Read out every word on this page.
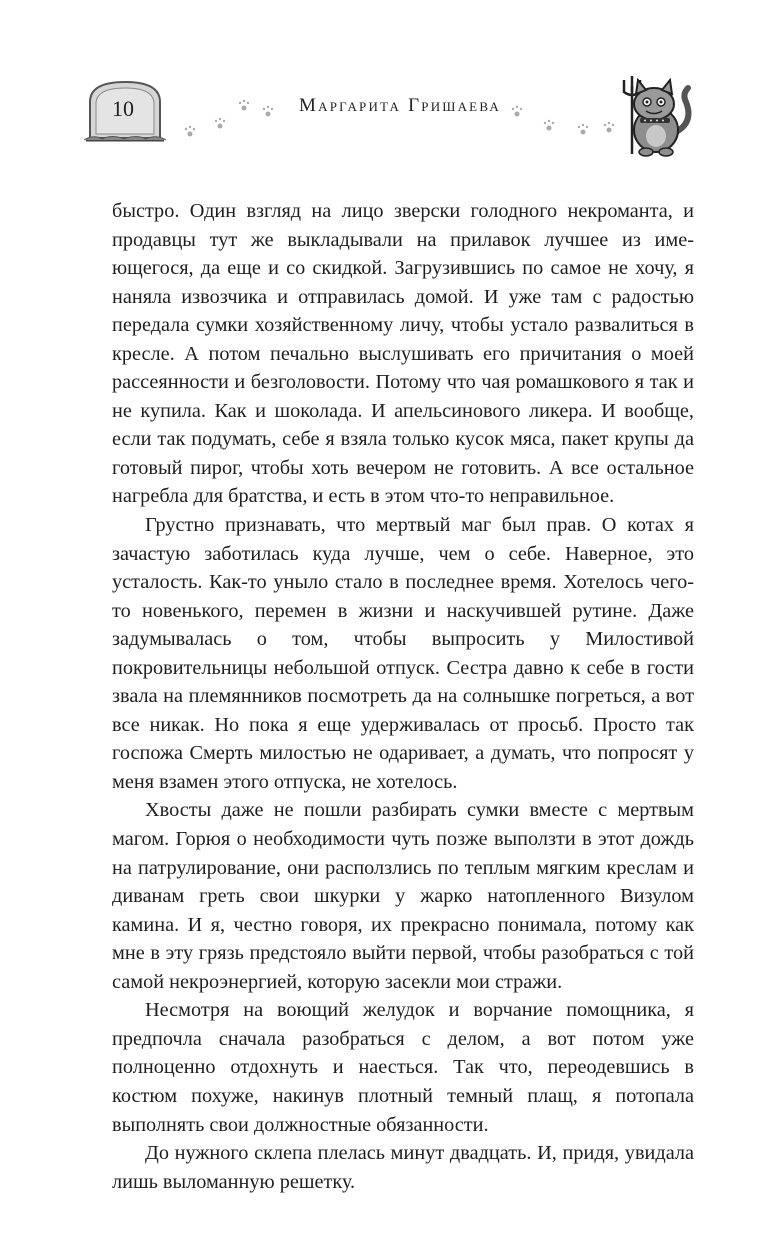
10	Маргарита Гришаева

быстро. Один взгляд на лицо зверски голодного некроманта, и продавцы тут же выкладывали на прилавок лучшее из имеющегося, да еще и со скидкой. Загрузившись по самое не хочу, я наняла извозчика и отправилась домой. И уже там с радостью передала сумки хозяйственному личу, чтобы устало развалиться в кресле. А потом печально выслушивать его причитания о моей рассеянности и безголовости. Потому что чая ромашкового я так и не купила. Как и шоколада. И апельсинового ликера. И вообще, если так подумать, себе я взяла только кусок мяса, пакет крупы да готовый пирог, чтобы хоть вечером не готовить. А все остальное нагребла для братства, и есть в этом что-то неправильное.

Грустно признавать, что мертвый маг был прав. О котах я зачастую заботилась куда лучше, чем о себе. Наверное, это усталость. Как-то уныло стало в последнее время. Хотелось чего-то новенького, перемен в жизни и наскучившей рутине. Даже задумывалась о том, чтобы выпросить у Милостивой покровительницы небольшой отпуск. Сестра давно к себе в гости звала на племянников посмотреть да на солнышке погреться, а вот все никак. Но пока я еще удерживалась от просьб. Просто так госпожа Смерть милостью не одаривает, а думать, что попросят у меня взамен этого отпуска, не хотелось.

Хвосты даже не пошли разбирать сумки вместе с мертвым магом. Горюя о необходимости чуть позже выползти в этот дождь на патрулирование, они расползлись по теплым мягким креслам и диванам греть свои шкурки у жарко натопленного Визулом камина. И я, честно говоря, их прекрасно понимала, потому как мне в эту грязь предстояло выйти первой, чтобы разобраться с той самой некроэнергией, которую засекли мои стражи.

Несмотря на воющий желудок и ворчание помощника, я предпочла сначала разобраться с делом, а вот потом уже полноценно отдохнуть и наесться. Так что, переодевшись в костюм похуже, накинув плотный темный плащ, я потопала выполнять свои должностные обязанности.

До нужного склепа плелась минут двадцать. И, придя, увидала лишь выломанную решетку.
